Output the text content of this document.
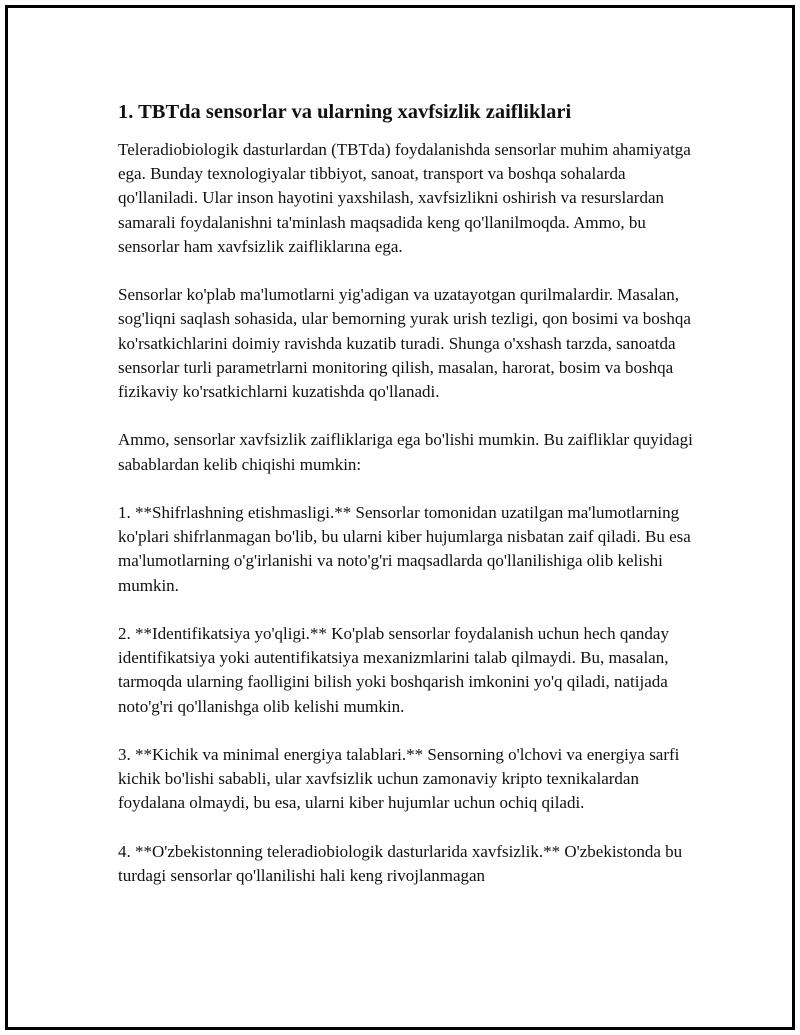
1. TBTda sensorlar va ularning xavfsizlik zaifliklari

Teleradiobiologik dasturlardan (TBTda) foydalanishda sensorlar muhim ahamiyatga ega. Bunday texnologiyalar tibbiyot, sanoat, transport va boshqa sohalarda qo'llaniladi. Ular inson hayotini yaxshilash, xavfsizlikni oshirish va resurslardan samarali foydalanishni ta'minlash maqsadida keng qo'llanilmoqda. Ammo, bu sensorlar ham xavfsizlik zaifliklarına ega.

Sensorlar ko'plab ma'lumotlarni yig'adigan va uzatayotgan qurilmalardir. Masalan, sog'liqni saqlash sohasida, ular bemorning yurak urish tezligi, qon bosimi va boshqa ko'rsatkichlarini doimiy ravishda kuzatib turadi. Shunga o'xshash tarzda, sanoatda sensorlar turli parametrlarni monitoring qilish, masalan, harorat, bosim va boshqa fizikaviy ko'rsatkichlarni kuzatishda qo'llanadi.

Ammo, sensorlar xavfsizlik zaifliklariga ega bo'lishi mumkin. Bu zaifliklar quyidagi sabablardan kelib chiqishi mumkin:

1. **Shifrlashning etishmasligi.** Sensorlar tomonidan uzatilgan ma'lumotlarning ko'plari shifrlanmagan bo'lib, bu ularni kiber hujumlarga nisbatan zaif qiladi. Bu esa ma'lumotlarning o'g'irlanishi va noto'g'ri maqsadlarda qo'llanilishiga olib kelishi mumkin.

2. **Identifikatsiya yo'qligi.** Ko'plab sensorlar foydalanish uchun hech qanday identifikatsiya yoki autentifikatsiya mexanizmlarini talab qilmaydi. Bu, masalan, tarmoqda ularning faolligini bilish yoki boshqarish imkonini yo'q qiladi, natijada noto'g'ri qo'llanishga olib kelishi mumkin.

3. **Kichik va minimal energiya talablari.** Sensorning o'lchovi va energiya sarfi kichik bo'lishi sababli, ular xavfsizlik uchun zamonaviy kripto texnikalardan foydalana olmaydi, bu esa, ularni kiber hujumlar uchun ochiq qiladi.

4. **O'zbekistonning teleradiobiologik dasturlarida xavfsizlik.** O'zbekistonda bu turdagi sensorlar qo'llanilishi hali keng rivojlanmagan
